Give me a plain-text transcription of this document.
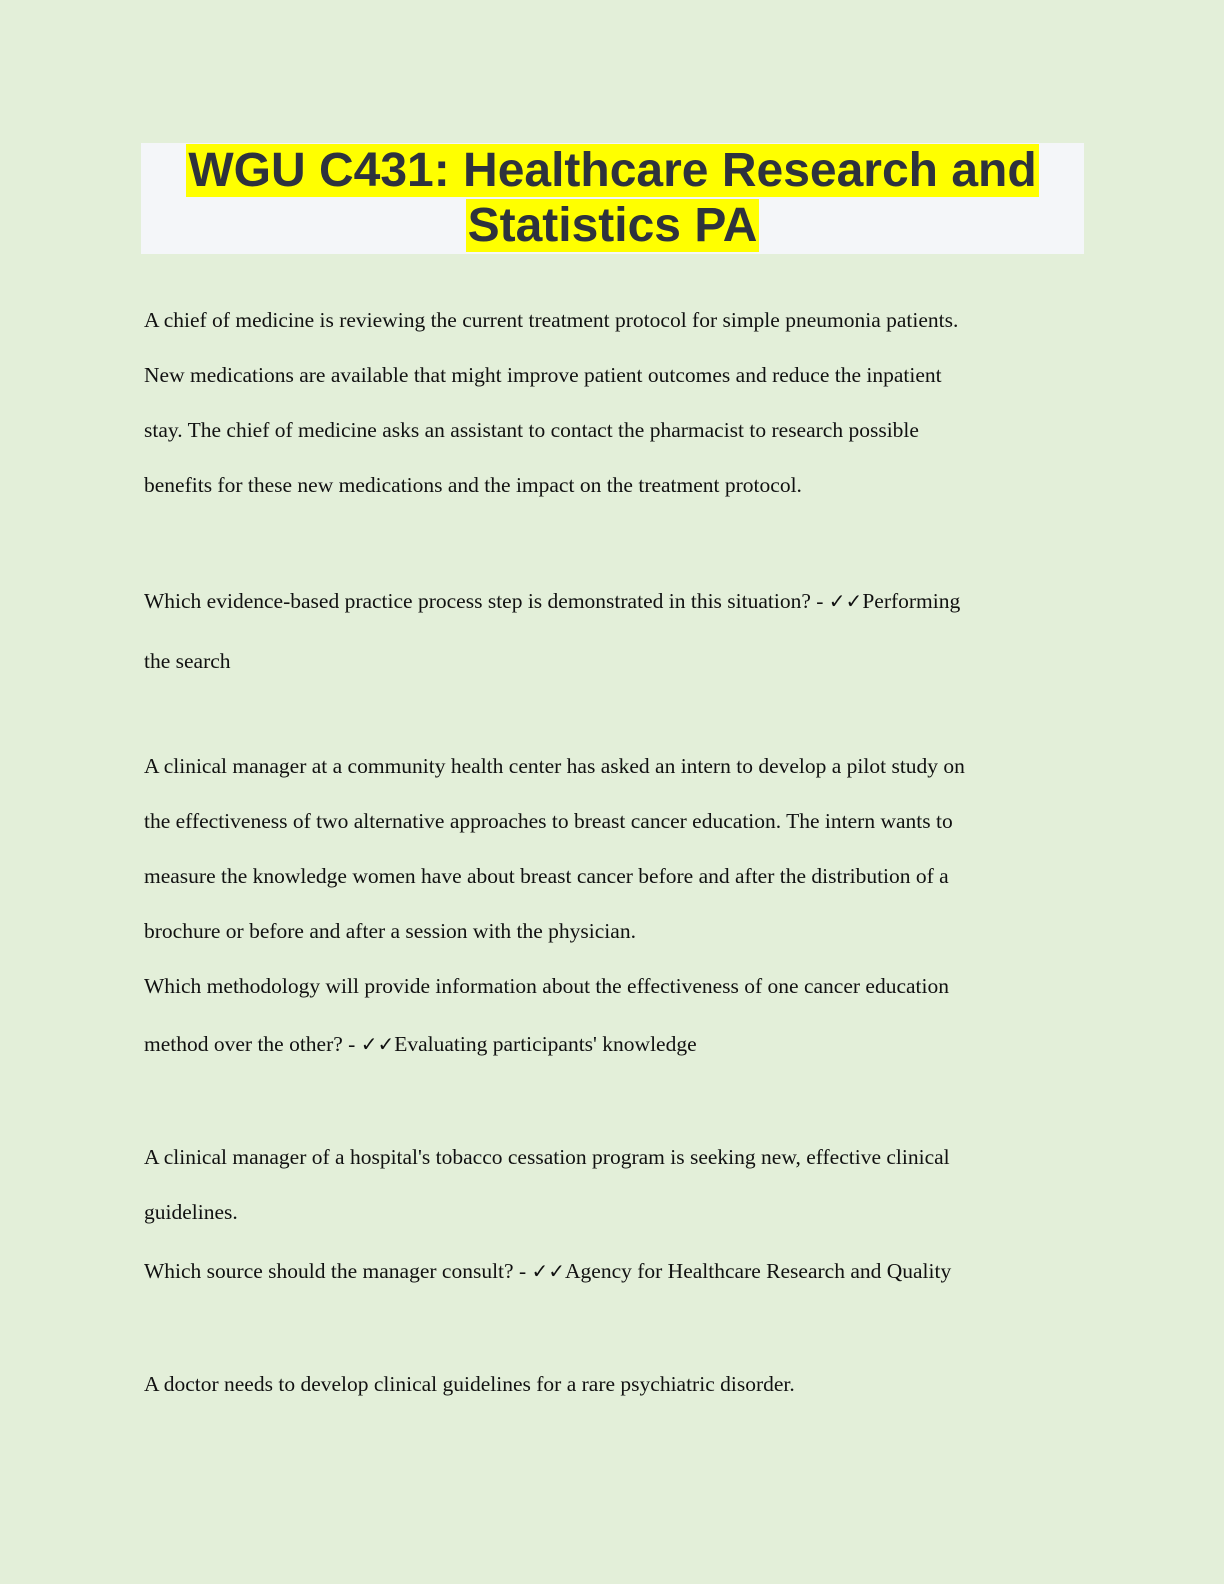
WGU C431: Healthcare Research and
Statistics PA

A chief of medicine is reviewing the current treatment protocol for simple pneumonia patients.
New medications are available that might improve patient outcomes and reduce the inpatient
stay. The chief of medicine asks an assistant to contact the pharmacist to research possible
benefits for these new medications and the impact on the treatment protocol.

Which evidence-based practice process step is demonstrated in this situation? - ✓✓Performing
the search

A clinical manager at a community health center has asked an intern to develop a pilot study on
the effectiveness of two alternative approaches to breast cancer education. The intern wants to
measure the knowledge women have about breast cancer before and after the distribution of a
brochure or before and after a session with the physician.
Which methodology will provide information about the effectiveness of one cancer education

method over the other? - ✓✓Evaluating participants' knowledge

A clinical manager of a hospital's tobacco cessation program is seeking new, effective clinical
guidelines.

Which source should the manager consult? - ✓✓Agency for Healthcare Research and Quality

A doctor needs to develop clinical guidelines for a rare psychiatric disorder.
